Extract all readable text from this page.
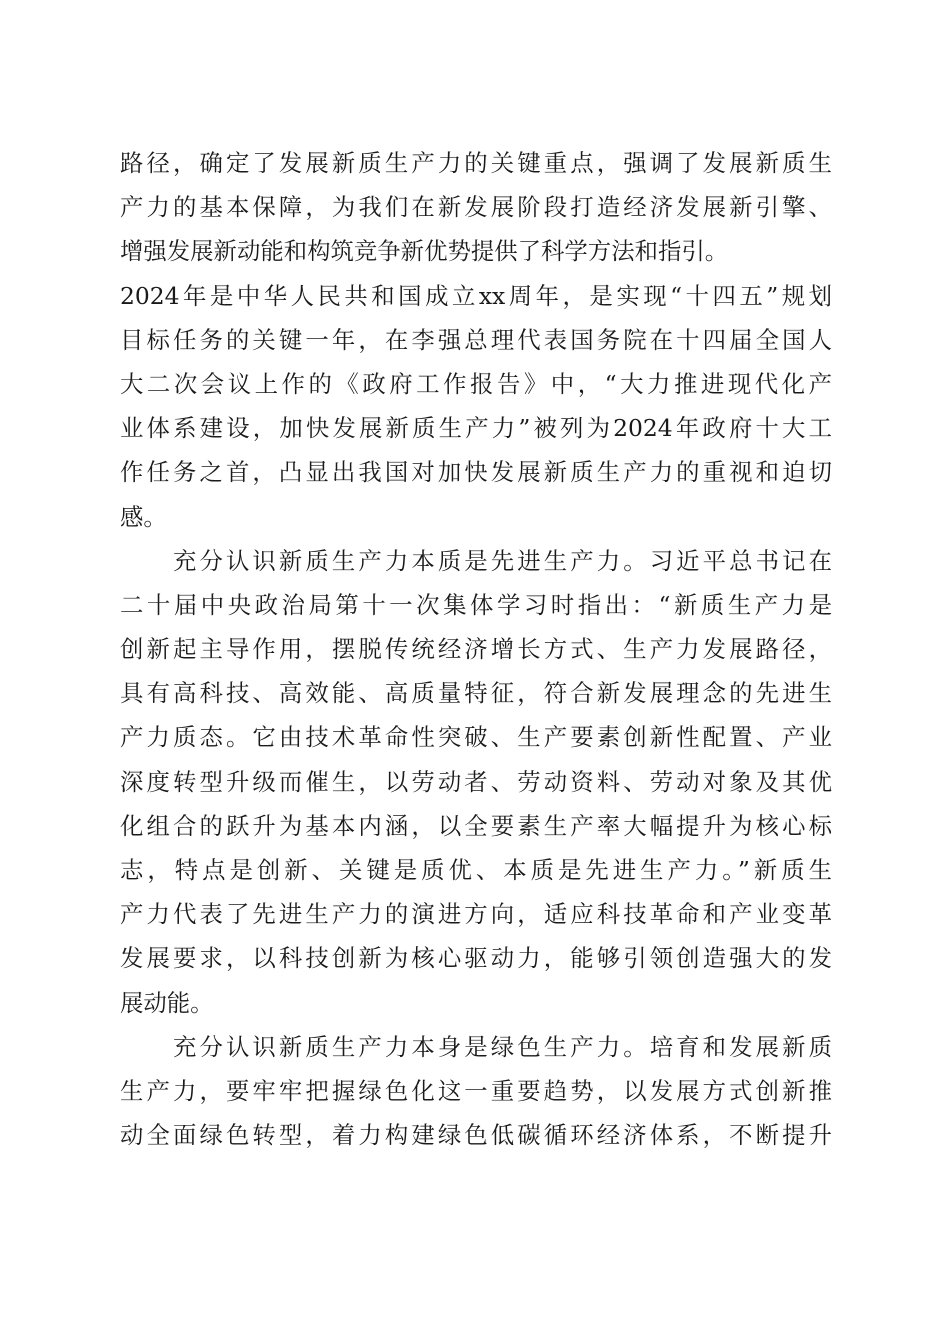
路径，确定了发展新质生产力的关键重点，强调了发展新质生
产力的基本保障，为我们在新发展阶段打造经济发展新引擎、
增强发展新动能和构筑竞争新优势提供了科学方法和指引。
2024年是中华人民共和国成立xx周年，是实现“十四五”规划
目标任务的关键一年，在李强总理代表国务院在十四届全国人
大二次会议上作的《政府工作报告》中，“大力推进现代化产
业体系建设，加快发展新质生产力”被列为2024年政府十大工
作任务之首，凸显出我国对加快发展新质生产力的重视和迫切
感。
　　充分认识新质生产力本质是先进生产力。习近平总书记在
二十届中央政治局第十一次集体学习时指出：“新质生产力是
创新起主导作用，摆脱传统经济增长方式、生产力发展路径，
具有高科技、高效能、高质量特征，符合新发展理念的先进生
产力质态。它由技术革命性突破、生产要素创新性配置、产业
深度转型升级而催生，以劳动者、劳动资料、劳动对象及其优
化组合的跃升为基本内涵，以全要素生产率大幅提升为核心标
志，特点是创新、关键是质优、本质是先进生产力。”新质生
产力代表了先进生产力的演进方向，适应科技革命和产业变革
发展要求，以科技创新为核心驱动力，能够引领创造强大的发
展动能。
　　充分认识新质生产力本身是绿色生产力。培育和发展新质
生产力，要牢牢把握绿色化这一重要趋势，以发展方式创新推
动全面绿色转型，着力构建绿色低碳循环经济体系，不断提升
